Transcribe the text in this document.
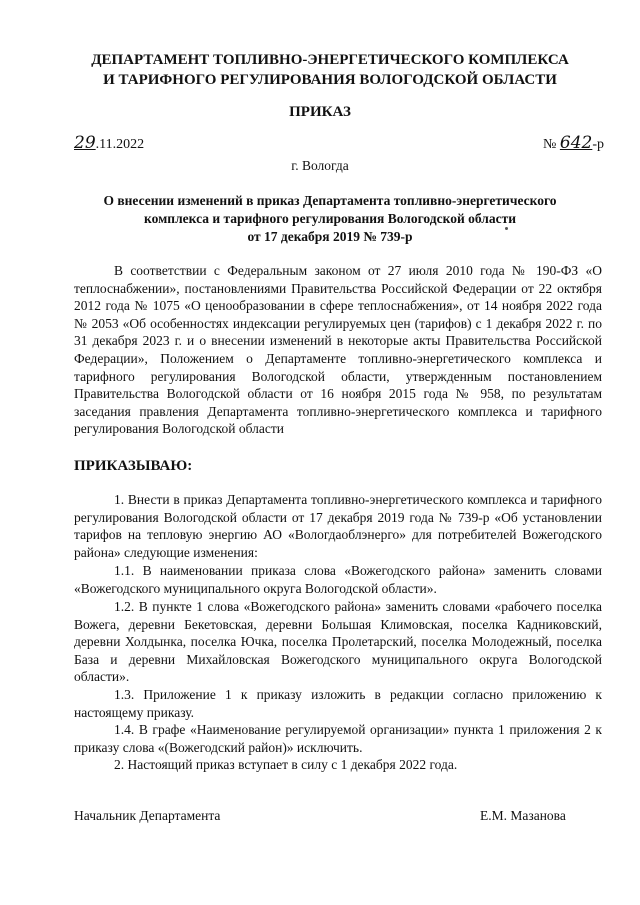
ДЕПАРТАМЕНТ ТОПЛИВНО-ЭНЕРГЕТИЧЕСКОГО КОМПЛЕКСА
И ТАРИФНОГО РЕГУЛИРОВАНИЯ ВОЛОГОДСКОЙ ОБЛАСТИ
ПРИКАЗ
29.11.2022	№ 642-р
г. Вологда
О внесении изменений в приказ Департамента топливно-энергетического
комплекса и тарифного регулирования Вологодской области
от 17 декабря 2019 № 739-р
В соответствии с Федеральным законом от 27 июля 2010 года № 190-ФЗ «О теплоснабжении», постановлениями Правительства Российской Федерации от 22 октября 2012 года № 1075 «О ценообразовании в сфере теплоснабжения», от 14 ноября 2022 года № 2053 «Об особенностях индексации регулируемых цен (тарифов) с 1 декабря 2022 г. по 31 декабря 2023 г. и о внесении изменений в некоторые акты Правительства Российской Федерации», Положением о Департаменте топливно-энергетического комплекса и тарифного регулирования Вологодской области, утвержденным постановлением Правительства Вологодской области от 16 ноября 2015 года № 958, по результатам заседания правления Департамента топливно-энергетического комплекса и тарифного регулирования Вологодской области
ПРИКАЗЫВАЮ:
1. Внести в приказ Департамента топливно-энергетического комплекса и тарифного регулирования Вологодской области от 17 декабря 2019 года № 739-р «Об установлении тарифов на тепловую энергию АО «Вологдаоблэнерго» для потребителей Вожегодского района» следующие изменения:
1.1. В наименовании приказа слова «Вожегодского района» заменить словами «Вожегодского муниципального округа Вологодской области».
1.2. В пункте 1 слова «Вожегодского района» заменить словами «рабочего поселка Вожега, деревни Бекетовская, деревни Большая Климовская, поселка Кадниковский, деревни Холдынка, поселка Ючка, поселка Пролетарский, поселка Молодежный, поселка База и деревни Михайловская Вожегодского муниципального округа Вологодской области».
1.3. Приложение 1 к приказу изложить в редакции согласно приложению к настоящему приказу.
1.4. В графе «Наименование регулируемой организации» пункта 1 приложения 2 к приказу слова «(Вожегодский район)» исключить.
2. Настоящий приказ вступает в силу с 1 декабря 2022 года.
Начальник Департамента	Е.М. Мазанова
